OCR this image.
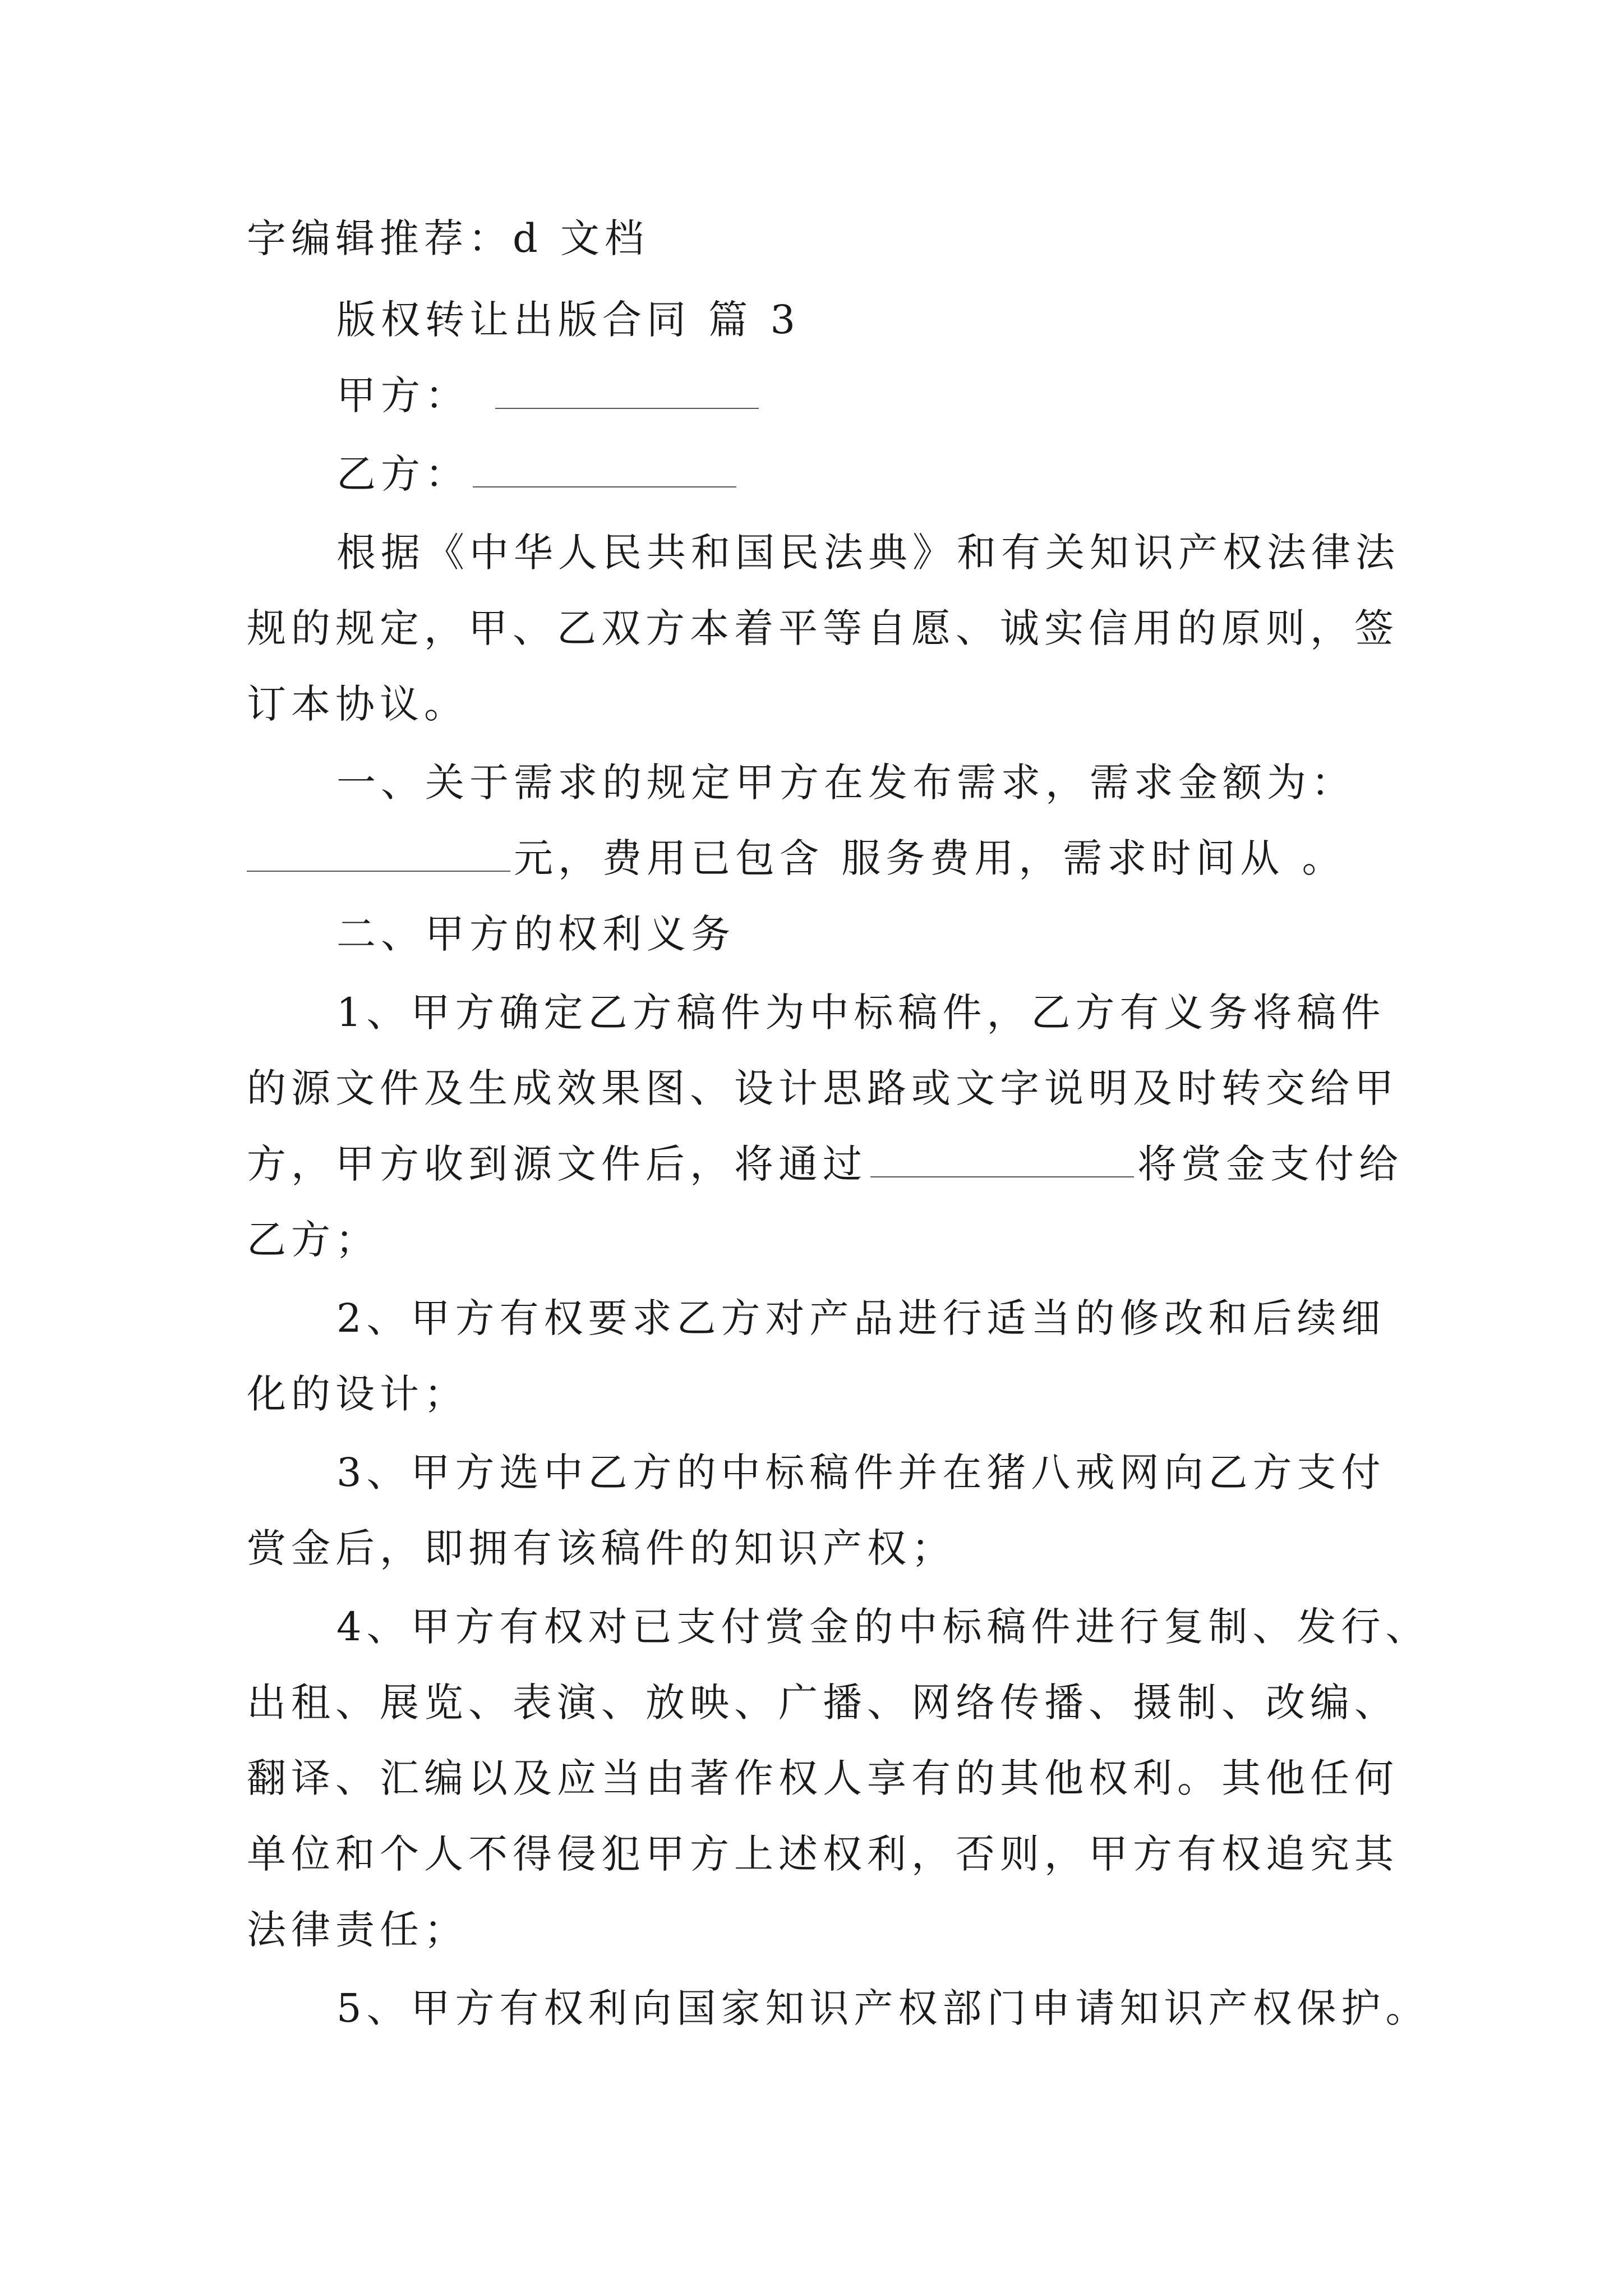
字编辑推荐：d 文档
版权转让出版合同 篇 3
甲方：
乙方：
根据《中华人民共和国民法典》和有关知识产权法律法
规的规定，甲、乙双方本着平等自愿、诚实信用的原则，签
订本协议。
一、关于需求的规定甲方在发布需求，需求金额为：
元，费用已包含 服务费用，需求时间从 。
二、甲方的权利义务
1、甲方确定乙方稿件为中标稿件，乙方有义务将稿件
的源文件及生成效果图、设计思路或文字说明及时转交给甲
方，甲方收到源文件后，将通过	将赏金支付给
乙方；
2、甲方有权要求乙方对产品进行适当的修改和后续细
化的设计；
3、甲方选中乙方的中标稿件并在猪八戒网向乙方支付
赏金后，即拥有该稿件的知识产权；
4、甲方有权对已支付赏金的中标稿件进行复制、发行、
出租、展览、表演、放映、广播、网络传播、摄制、改编、
翻译、汇编以及应当由著作权人享有的其他权利。其他任何
单位和个人不得侵犯甲方上述权利，否则，甲方有权追究其
法律责任；
5、甲方有权利向国家知识产权部门申请知识产权保护。
